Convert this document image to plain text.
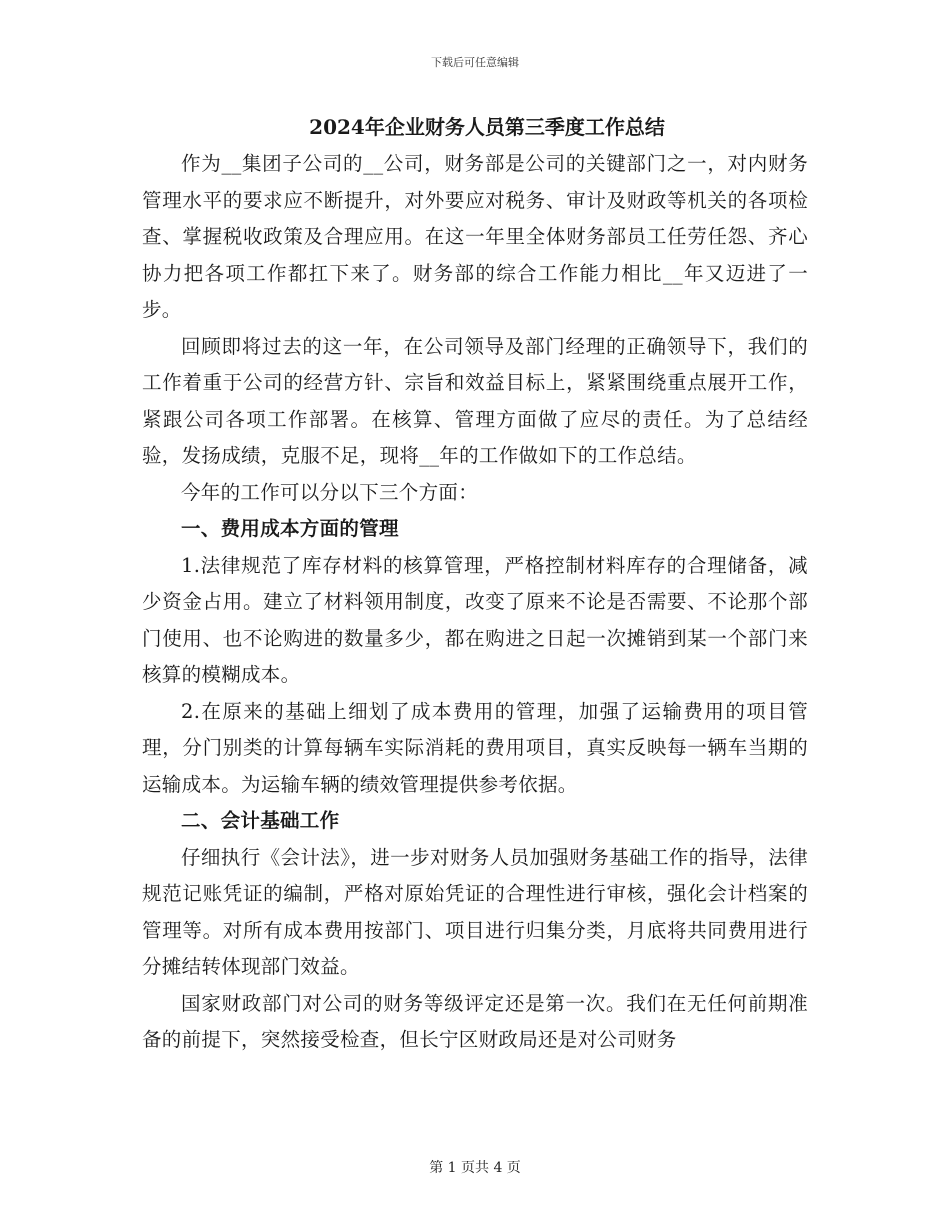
下载后可任意编辑
2024年企业财务人员第三季度工作总结

作为__集团子公司的__公司，财务部是公司的关键部门之一，对内财务管理水平的要求应不断提升，对外要应对税务、审计及财政等机关的各项检查、掌握税收政策及合理应用。在这一年里全体财务部员工任劳任怨、齐心协力把各项工作都扛下来了。财务部的综合工作能力相比__年又迈进了一步。

回顾即将过去的这一年，在公司领导及部门经理的正确领导下，我们的工作着重于公司的经营方针、宗旨和效益目标上，紧紧围绕重点展开工作，紧跟公司各项工作部署。在核算、管理方面做了应尽的责任。为了总结经验，发扬成绩，克服不足，现将__年的工作做如下的工作总结。

今年的工作可以分以下三个方面：

一、费用成本方面的管理

1.法律规范了库存材料的核算管理，严格控制材料库存的合理储备，减少资金占用。建立了材料领用制度，改变了原来不论是否需要、不论那个部门使用、也不论购进的数量多少，都在购进之日起一次摊销到某一个部门来核算的模糊成本。

2.在原来的基础上细划了成本费用的管理，加强了运输费用的项目管理，分门别类的计算每辆车实际消耗的费用项目，真实反映每一辆车当期的运输成本。为运输车辆的绩效管理提供参考依据。

二、会计基础工作

仔细执行《会计法》，进一步对财务人员加强财务基础工作的指导，法律规范记账凭证的编制，严格对原始凭证的合理性进行审核，强化会计档案的管理等。对所有成本费用按部门、项目进行归集分类，月底将共同费用进行分摊结转体现部门效益。

国家财政部门对公司的财务等级评定还是第一次。我们在无任何前期准备的前提下，突然接受检查，但长宁区财政局还是对公司财务

第 1 页共 4 页
